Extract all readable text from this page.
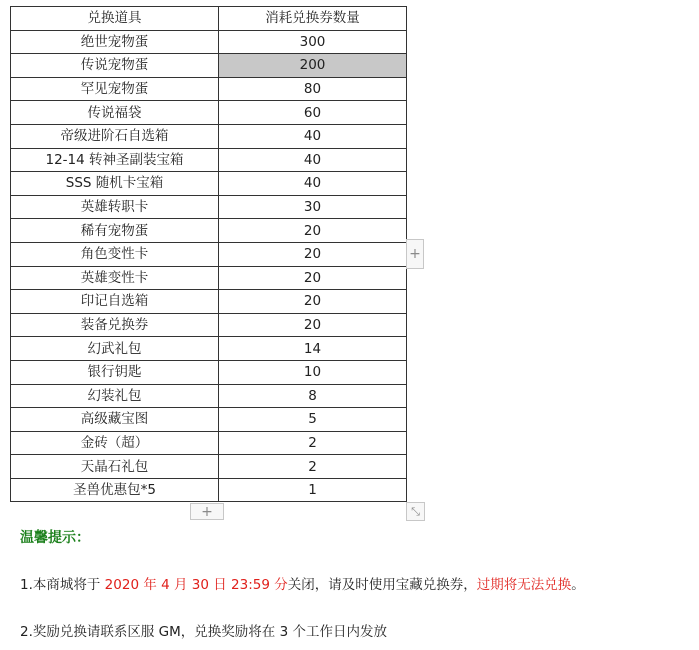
兑换道具	消耗兑换券数量
绝世宠物蛋	300
传说宠物蛋	200
罕见宠物蛋	80
传说福袋	60
帝级进阶石自选箱	40
12-14 转神圣副装宝箱	40
SSS 随机卡宝箱	40
英雄转职卡	30
稀有宠物蛋	20
角色变性卡	20
英雄变性卡	20
印记自选箱	20
装备兑换券	20
幻武礼包	14
银行钥匙	10
幻装礼包	8
高级藏宝图	5
金砖（超）	2
天晶石礼包	2
圣兽优惠包*5	1
+
+	⤡

温馨提示：

1.本商城将于 2020 年 4 月 30 日 23:59 分关闭，请及时使用宝藏兑换券，过期将无法兑换。

2.奖励兑换请联系区服 GM，兑换奖励将在 3 个工作日内发放
